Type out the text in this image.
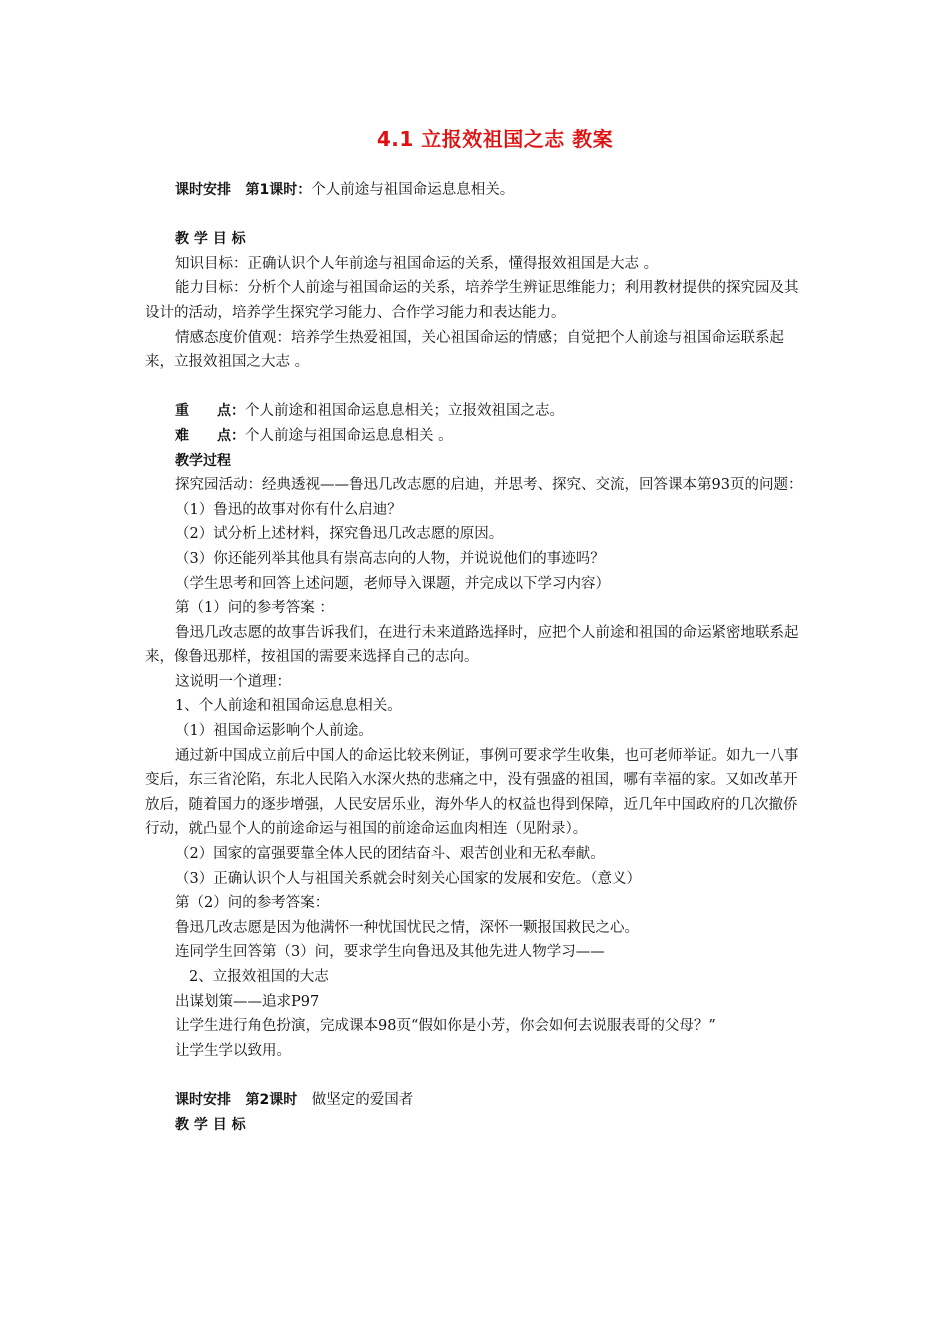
4.1 立报效祖国之志 教案

课时安排　 第1课时：个人前途与祖国命运息息相关。

教 学 目 标

知识目标：正确认识个人年前途与祖国命运的关系，懂得报效祖国是大志 。

能力目标：分析个人前途与祖国命运的关系，培养学生辨证思维能力；利用教材提供的探究园及其设计的活动，培养学生探究学习能力、合作学习能力和表达能力。

情感态度价值观：培养学生热爱祖国，关心祖国命运的情感；自觉把个人前途与祖国命运联系起来，立报效祖国之大志 。

重　　点：个人前途和祖国命运息息相关；立报效祖国之志。

难　　点：个人前途与祖国命运息息相关 。

教学过程

探究园活动：经典透视——鲁迅几改志愿的启迪，并思考、探究、交流，回答课本第93页的问题：

（1）鲁迅的故事对你有什么启迪？

（2）试分析上述材料，探究鲁迅几改志愿的原因。

（3）你还能列举其他具有崇高志向的人物，并说说他们的事迹吗？

（学生思考和回答上述问题，老师导入课题，并完成以下学习内容）

第（1）问的参考答案 ：

鲁迅几改志愿的故事告诉我们，在进行未来道路选择时，应把个人前途和祖国的命运紧密地联系起来，像鲁迅那样，按祖国的需要来选择自己的志向。

这说明一个道理：

1、个人前途和祖国命运息息相关。

（1）祖国命运影响个人前途。

通过新中国成立前后中国人的命运比较来例证，事例可要求学生收集，也可老师举证。如九一八事变后，东三省沦陷，东北人民陷入水深火热的悲痛之中，没有强盛的祖国，哪有幸福的家。又如改革开放后，随着国力的逐步增强，人民安居乐业，海外华人的权益也得到保障，近几年中国政府的几次撤侨行动，就凸显个人的前途命运与祖国的前途命运血肉相连（见附录）。

（2）国家的富强要靠全体人民的团结奋斗、艰苦创业和无私奉献。

（3）正确认识个人与祖国关系就会时刻关心国家的发展和安危。（意义）

第（2）问的参考答案：

鲁迅几改志愿是因为他满怀一种忧国忧民之情，深怀一颗报国救民之心。

连同学生回答第（3）问，要求学生向鲁迅及其他先进人物学习——

2、立报效祖国的大志

出谋划策——追求P97

让学生进行角色扮演，完成课本98页“假如你是小芳，你会如何去说服表哥的父母？”

让学生学以致用。

课时安排　 第2课时　 做坚定的爱国者

教 学 目 标
